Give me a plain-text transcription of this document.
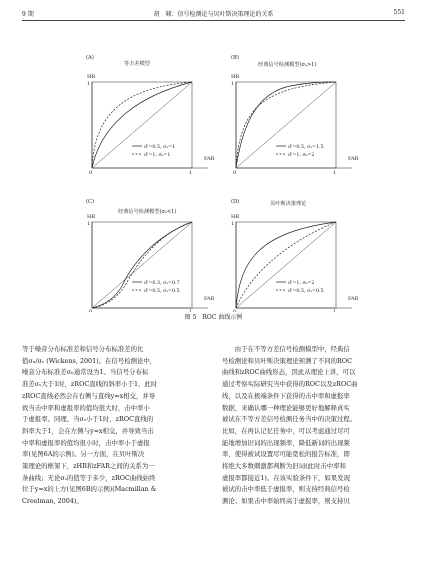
9 期	胡　啸：信号检测论与贝叶斯决策理论的关系	551
(A)
等方差模型
HR
1
FAR
0	1
d'=0.5, σₛ=1
d'=1, σₛ=1
(B)
经典信号检测模型(σₛ>1)
HR
1
FAR
0	1
d'=0.5, σₛ=1.5
d'=1, σₛ=2
(C)
经典信号检测模型(σₛ<1)
HR
1
FAR
0	1
d'=0.3, σₛ=0.7
d'=0.5, σₛ=0.5
(D)	贝叶斯决策理论
HR
1
FAR
0	1
d'=1, σₛ=2
d'=0.5, σₛ=0.5
图 5　ROC 曲线示例

等于噪音分布标准差和信号分布标准差的比
值σₙ/σₛ (Wickens, 2001)。在信号检测论中，
噪音分布标准差σₙ通常设为1。当信号分布标
准差σₛ大于1时，zROC直线的斜率小于1，此时
zROC直线必然会在右侧与直线y=x相交，并导
致当击中率和虚报率的值均很大时，击中率小
于虚报率。同理，当σₛ小于1时，zROC直线的
斜率大于1，会在左侧与y=x相交，并导致当击
中率和虚报率的值均很小时，击中率小于虚报
率(见图6A的示例)。另一方面，在贝叶斯决
策理论的框架下，zHR和zFAR之间的关系为一
条曲线；无论σₛ的值等于多少，zROC曲线始终
位于y=x的上方(见图6B的示例)(Macmillan &
Creelman, 2004)。

　　由于在不等方差信号检测模型中，经典信
号检测论和贝叶斯决策理论预测了不同的ROC
曲线和zROC曲线形态，因此从理论上讲，可以
通过考察实际研究当中获得的ROC以及zROC曲
线，以及在极端条件下获得的击中率和虚报率
数据，来确认哪一种理论能够更好地解释真实
被试在不等方差信号检测任务当中的决策过程。
比如，在再认记忆任务中，可以考虑通过尽可
能地增加旧词的出现频率，降低新词的出现频
率，使得被试设置尽可能宽松的报告标准，即
将绝大多数刺激都判断为旧词(此时击中率和
虚报率都接近1)。在该实验条件下，如果发现
被试的击中率低于虚报率，则支持经典信号检
测论；如果击中率始终高于虚报率，则支持贝
